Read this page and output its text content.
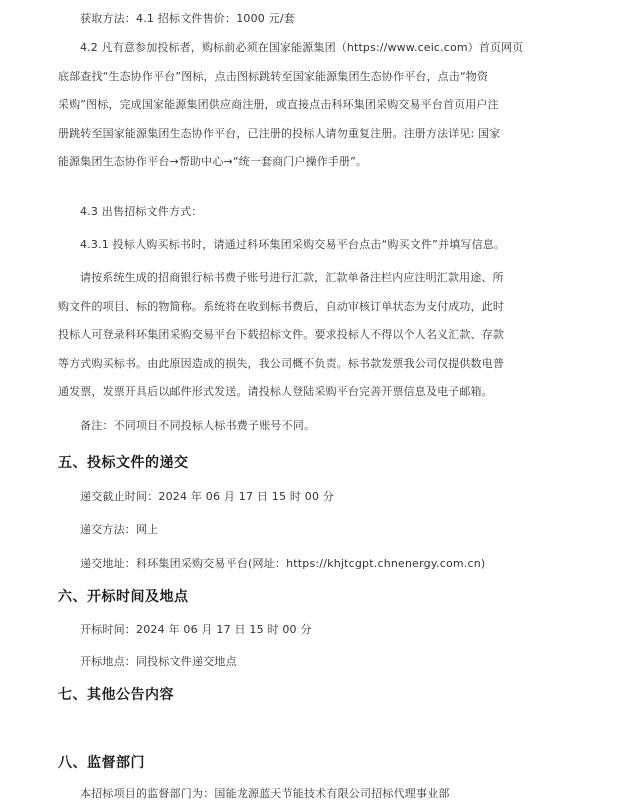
获取方法：4.1 招标文件售价：1000 元/套
4.2 凡有意参加投标者，购标前必须在国家能源集团（https://www.ceic.com）首页网页
底部查找“生态协作平台”图标，点击图标跳转至国家能源集团生态协作平台，点击“物资
采购”图标，完成国家能源集团供应商注册，或直接点击科环集团采购交易平台首页用户注
册跳转至国家能源集团生态协作平台，已注册的投标人请勿重复注册。注册方法详见: 国家
能源集团生态协作平台→帮助中心→“统一套商门户操作手册”。
4.3 出售招标文件方式：
4.3.1 投标人购买标书时，请通过科环集团采购交易平台点击“购买文件”并填写信息。
请按系统生成的招商银行标书费子账号进行汇款，汇款单备注栏内应注明汇款用途、所
购文件的项目、标的物简称。系统将在收到标书费后，自动审核订单状态为支付成功，此时
投标人可登录科环集团采购交易平台下载招标文件。要求投标人不得以个人名义汇款、存款
等方式购买标书。由此原因造成的损失，我公司概不负责。标书款发票我公司仅提供数电普
通发票，发票开具后以邮件形式发送。请投标人登陆采购平台完善开票信息及电子邮箱。
备注：不同项目不同投标人标书费子账号不同。
五、投标文件的递交
递交截止时间：2024 年 06 月 17 日 15 时 00 分
递交方法：网上
递交地址：科环集团采购交易平台(网址：https://khjtcgpt.chnenergy.com.cn)
六、开标时间及地点
开标时间：2024 年 06 月 17 日 15 时 00 分
开标地点：同投标文件递交地点
七、其他公告内容
八、监督部门
本招标项目的监督部门为：国能龙源蓝天节能技术有限公司招标代理事业部
